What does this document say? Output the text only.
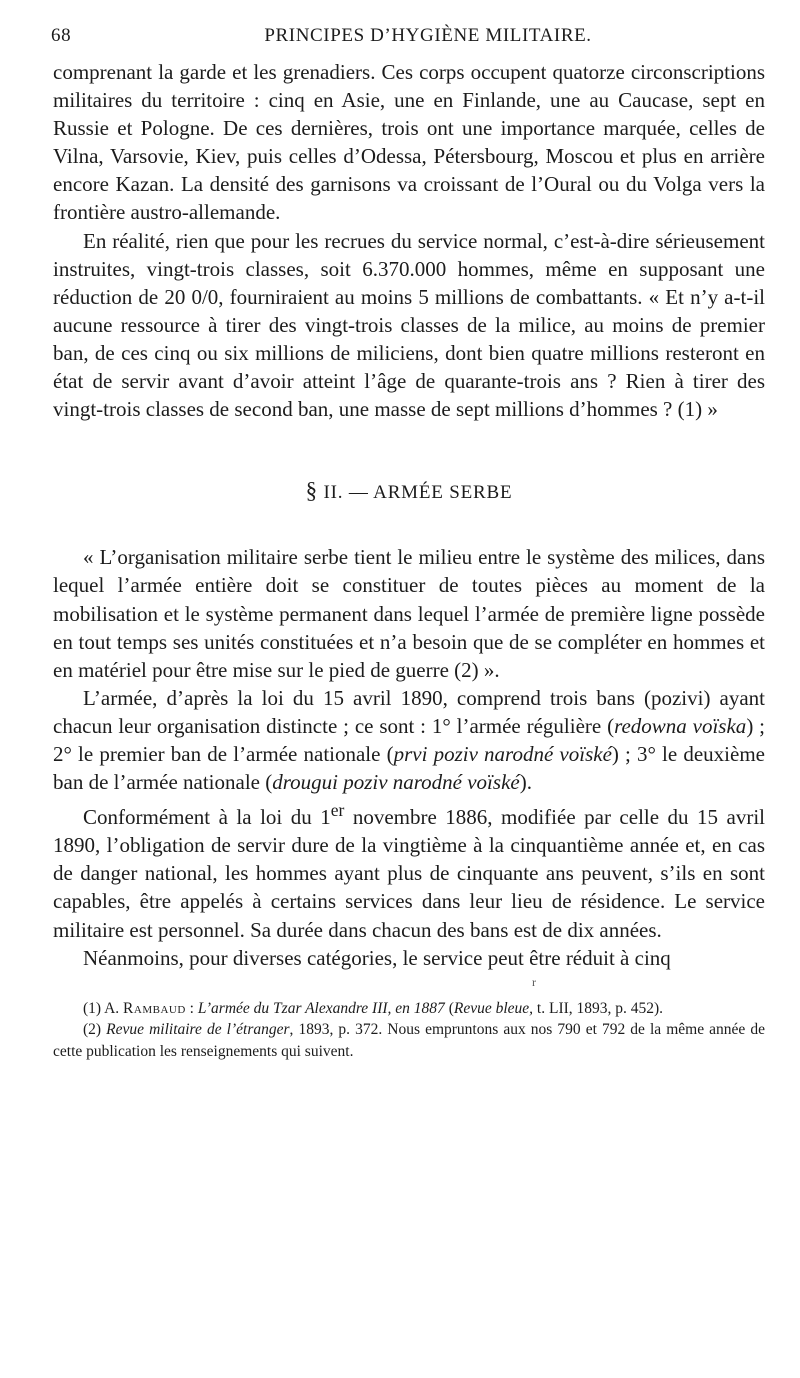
68	PRINCIPES D’HYGIÈNE MILITAIRE.

comprenant la garde et les grenadiers. Ces corps occupent quatorze circonscriptions militaires du territoire : cinq en Asie, une en Finlande, une au Caucase, sept en Russie et Pologne. De ces dernières, trois ont une importance marquée, celles de Vilna, Varsovie, Kiev, puis celles d’Odessa, Pétersbourg, Moscou et plus en arrière encore Kazan. La densité des garnisons va croissant de l’Oural ou du Volga vers la frontière austro-allemande.

En réalité, rien que pour les recrues du service normal, c’est-à-dire sérieusement instruites, vingt-trois classes, soit 6.370.000 hommes, même en supposant une réduction de 20 0/0, fourniraient au moins 5 millions de combattants. « Et n’y a-t-il aucune ressource à tirer des vingt-trois classes de la milice, au moins de premier ban, de ces cinq ou six millions de miliciens, dont bien quatre millions resteront en état de servir avant d’avoir atteint l’âge de quarante-trois ans ? Rien à tirer des vingt-trois classes de second ban, une masse de sept millions d’hommes ? (1) »

§ II. — ARMÉE SERBE

« L’organisation militaire serbe tient le milieu entre le système des milices, dans lequel l’armée entière doit se constituer de toutes pièces au moment de la mobilisation et le système permanent dans lequel l’armée de première ligne possède en tout temps ses unités constituées et n’a besoin que de se compléter en hommes et en matériel pour être mise sur le pied de guerre (2) ».

L’armée, d’après la loi du 15 avril 1890, comprend trois bans (pozivi) ayant chacun leur organisation distincte ; ce sont : 1° l’armée régulière (redowna voïska) ; 2° le premier ban de l’armée nationale (prvi poziv narodné voïské) ; 3° le deuxième ban de l’armée nationale (drougui poziv narodné voïské).

Conformément à la loi du 1er novembre 1886, modifiée par celle du 15 avril 1890, l’obligation de servir dure de la vingtième à la cinquantième année et, en cas de danger national, les hommes ayant plus de cinquante ans peuvent, s’ils en sont capables, être appelés à certains services dans leur lieu de résidence. Le service militaire est personnel. Sa durée dans chacun des bans est de dix années.

Néanmoins, pour diverses catégories, le service peut être réduit à cinq

r

(1) A. Rambaud : L’armée du Tzar Alexandre III, en 1887 (Revue bleue, t. LII, 1893, p. 452).

(2) Revue militaire de l’étranger, 1893, p. 372. Nous empruntons aux nos 790 et 792 de la même année de cette publication les renseignements qui suivent.
